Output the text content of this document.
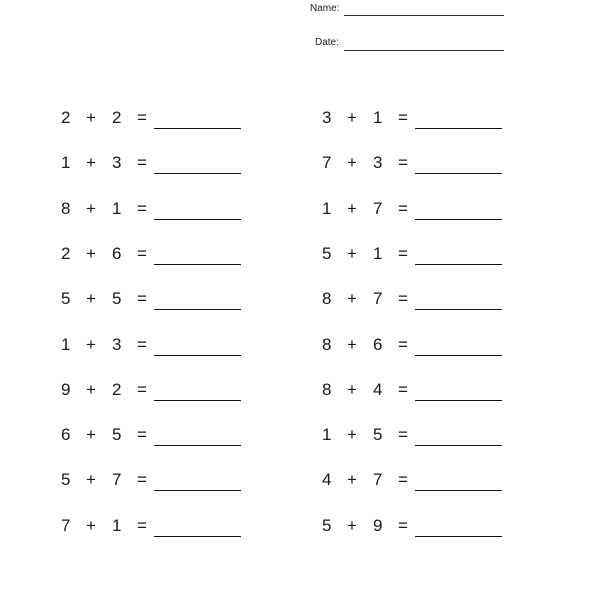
Name:
Date:
2 + 2 =
1 + 3 =
8 + 1 =
2 + 6 =
5 + 5 =
1 + 3 =
9 + 2 =
6 + 5 =
5 + 7 =
7 + 1 =
3 + 1 =
7 + 3 =
1 + 7 =
5 + 1 =
8 + 7 =
8 + 6 =
8 + 4 =
1 + 5 =
4 + 7 =
5 + 9 =
